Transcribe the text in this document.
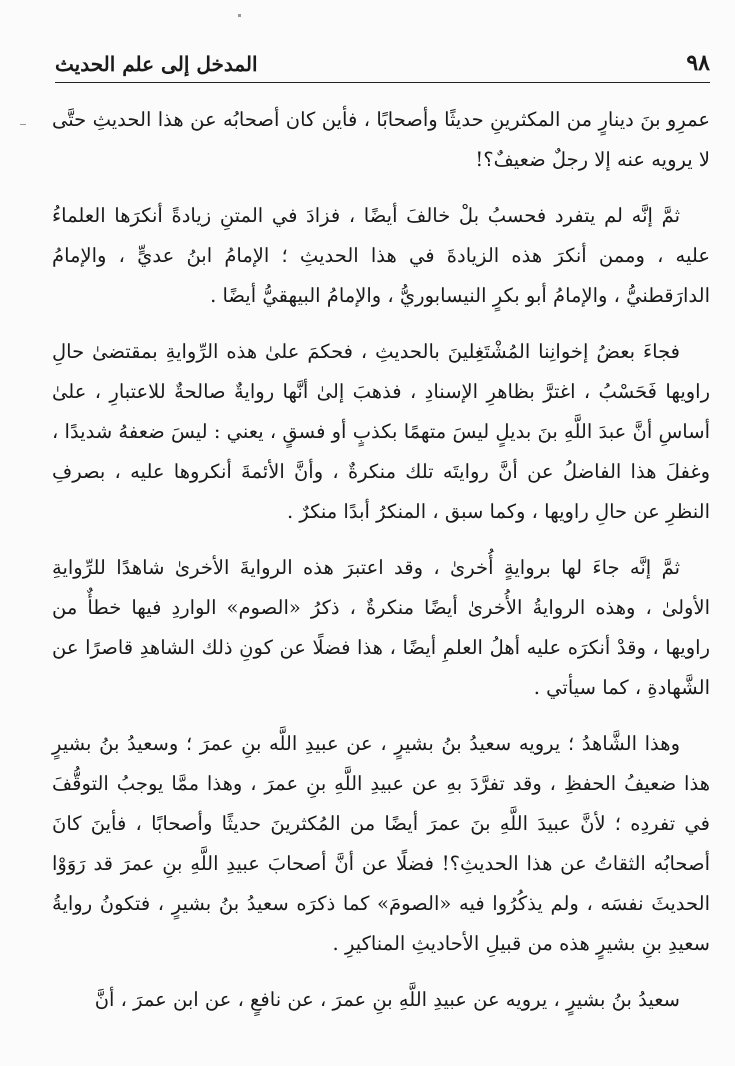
المدخل إلى علم الحديث	٩٨

عمرِو بنَ دينارٍ من المكثرينِ حديثًا وأصحابًا ، فأين كان أصحابُه عن هذا الحديثِ حتَّى لا يرويه عنه إلا رجلٌ ضعيفٌ؟!

ثمَّ إنَّه لم يتفرد فحسبُ بلْ خالفَ أيضًا ، فزادَ في المتنِ زيادةً أنكرَها العلماءُ عليه ، وممن أنكرَ هذه الزيادةَ في هذا الحديثِ ؛ الإمامُ ابنُ عديٍّ ، والإمامُ الدارَقطنيُّ ، والإمامُ أبو بكرٍ النيسابوريُّ ، والإمامُ البيهقيُّ أيضًا .

فجاءَ بعضُ إخوانِنا المُشْتَغِلينَ بالحديثِ ، فحكمَ علىٰ هذه الرِّوايةِ بمقتضىٰ حالِ راويها فَحَسْبُ ، اغترَّ بظاهرِ الإسنادِ ، فذهبَ إلىٰ أنَّها روايةٌ صالحةٌ للاعتبارِ ، علىٰ أساسِ أنَّ عبدَ اللَّهِ بنَ بديلٍ ليسَ متهمًا بكذبٍ أو فسقٍ ، يعني : ليسَ ضعفهُ شديدًا ، وغفلَ هذا الفاضلُ عن أنَّ روايتَه تلك منكرةٌ ، وأنَّ الأئمةَ أنكروها عليه ، بصرفِ النظرِ عن حالِ راويها ، وكما سبق ، المنكرُ أبدًا منكرٌ .

ثمَّ إنَّه جاءَ لها بروايةٍ أُخرىٰ ، وقد اعتبرَ هذه الروايةَ الأخرىٰ شاهدًا للرِّوايةِ الأولىٰ ، وهذه الروايةُ الأُخرىٰ أيضًا منكرةٌ ، ذكرُ «الصوم» الواردِ فيها خطأٌ من راويها ، وقدْ أنكرَه عليه أهلُ العلمِ أيضًا ، هذا فضلًا عن كونِ ذلك الشاهدِ قاصرًا عن الشَّهادةِ ، كما سيأتي .

وهذا الشَّاهدُ ؛ يرويه سعيدُ بنُ بشيرٍ ، عن عبيدِ اللَّه بنِ عمرَ ؛ وسعيدُ بنُ بشيرٍ هذا ضعيفُ الحفظِ ، وقد تفرَّدَ بهِ عن عبيدِ اللَّهِ بنِ عمرَ ، وهذا ممَّا يوجبُ التوقُّفَ في تفردِه ؛ لأنَّ عبيدَ اللَّهِ بنَ عمرَ أيضًا من المُكثرينَ حديثًا وأصحابًا ، فأينَ كانَ أصحابُه الثقاتُ عن هذا الحديثِ؟! فضلًا عن أنَّ أصحابَ عبيدِ اللَّهِ بنِ عمرَ قد رَوَوْا الحديثَ نفسَه ، ولم يذكُرُوا فيه «الصومَ» كما ذكرَه سعيدُ بنُ بشيرٍ ، فتكونُ روايةُ سعيدِ بنِ بشيرٍ هذه من قبيلِ الأحاديثِ المناكيرِ .

سعيدُ بنُ بشيرٍ ، يرويه عن عبيدِ اللَّهِ بنِ عمرَ ، عن نافعٍ ، عن ابن عمرَ ، أنَّ
